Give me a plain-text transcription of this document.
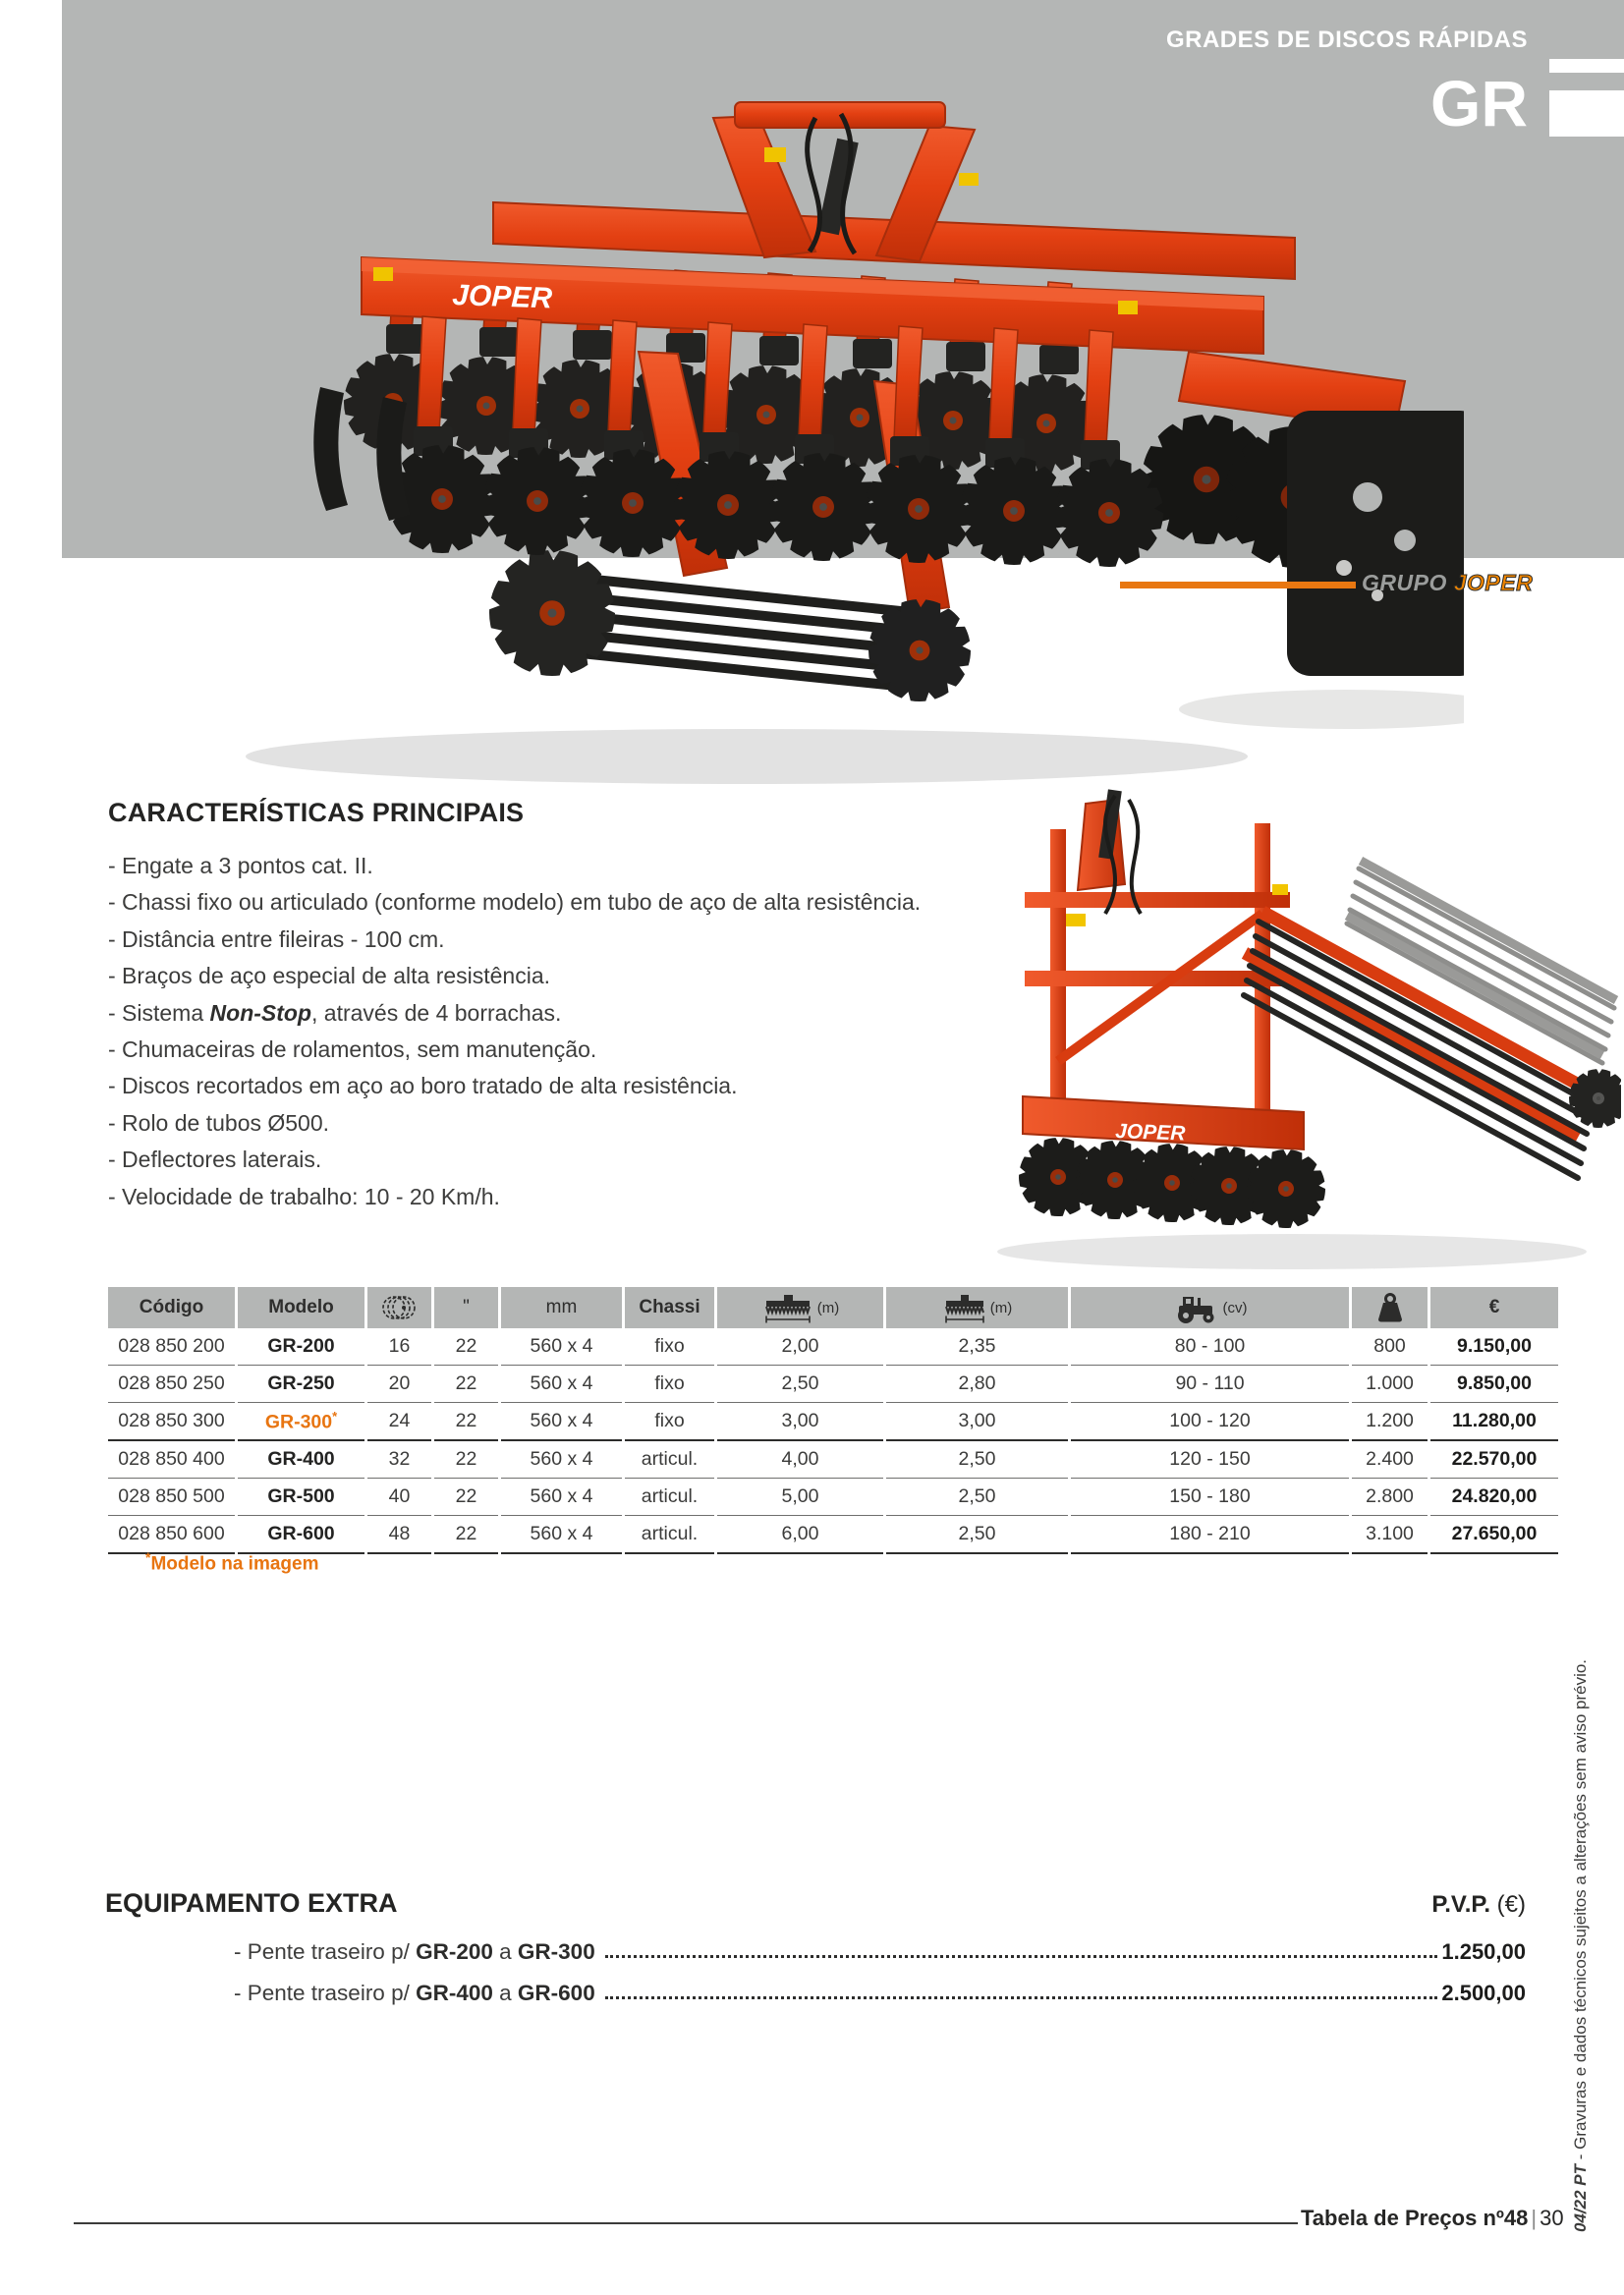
GRADES DE DISCOS RÁPIDAS
GR
JOPER
GRUPO JOPER
CARACTERÍSTICAS PRINCIPAIS
- Engate a 3 pontos cat. II.
- Chassi fixo ou articulado (conforme modelo) em tubo de aço de alta resistência.
- Distância entre fileiras - 100 cm.
- Braços de aço especial de alta resistência.
- Sistema Non-Stop, através de 4 borrachas.
- Chumaceiras de rolamentos, sem manutenção.
- Discos recortados em aço ao boro tratado de alta resistência.
- Rolo de tubos Ø500.
- Deflectores laterais.
- Velocidade de trabalho: 10 - 20 Km/h.
JOPER
Código	Modelo		"	mm	Chassi	(m)	(m)	(cv)		€
028 850 200	GR-200	16	22	560 x 4	fixo	2,00	2,35	80 - 100	800	9.150,00
028 850 250	GR-250	20	22	560 x 4	fixo	2,50	2,80	90 - 110	1.000	9.850,00
028 850 300	GR-300*	24	22	560 x 4	fixo	3,00	3,00	100 - 120	1.200	11.280,00
028 850 400	GR-400	32	22	560 x 4	articul.	4,00	2,50	120 - 150	2.400	22.570,00
028 850 500	GR-500	40	22	560 x 4	articul.	5,00	2,50	150 - 180	2.800	24.820,00
028 850 600	GR-600	48	22	560 x 4	articul.	6,00	2,50	180 - 210	3.100	27.650,00
*Modelo na imagem
EQUIPAMENTO EXTRA	P.V.P. (€)
- Pente traseiro p/ GR-200 a GR-300	1.250,00
- Pente traseiro p/ GR-400 a GR-600	2.500,00
Tabela de Preços nº48 | 30 04/22 PT - Gravuras e dados técnicos sujeitos a alterações sem aviso prévio.
